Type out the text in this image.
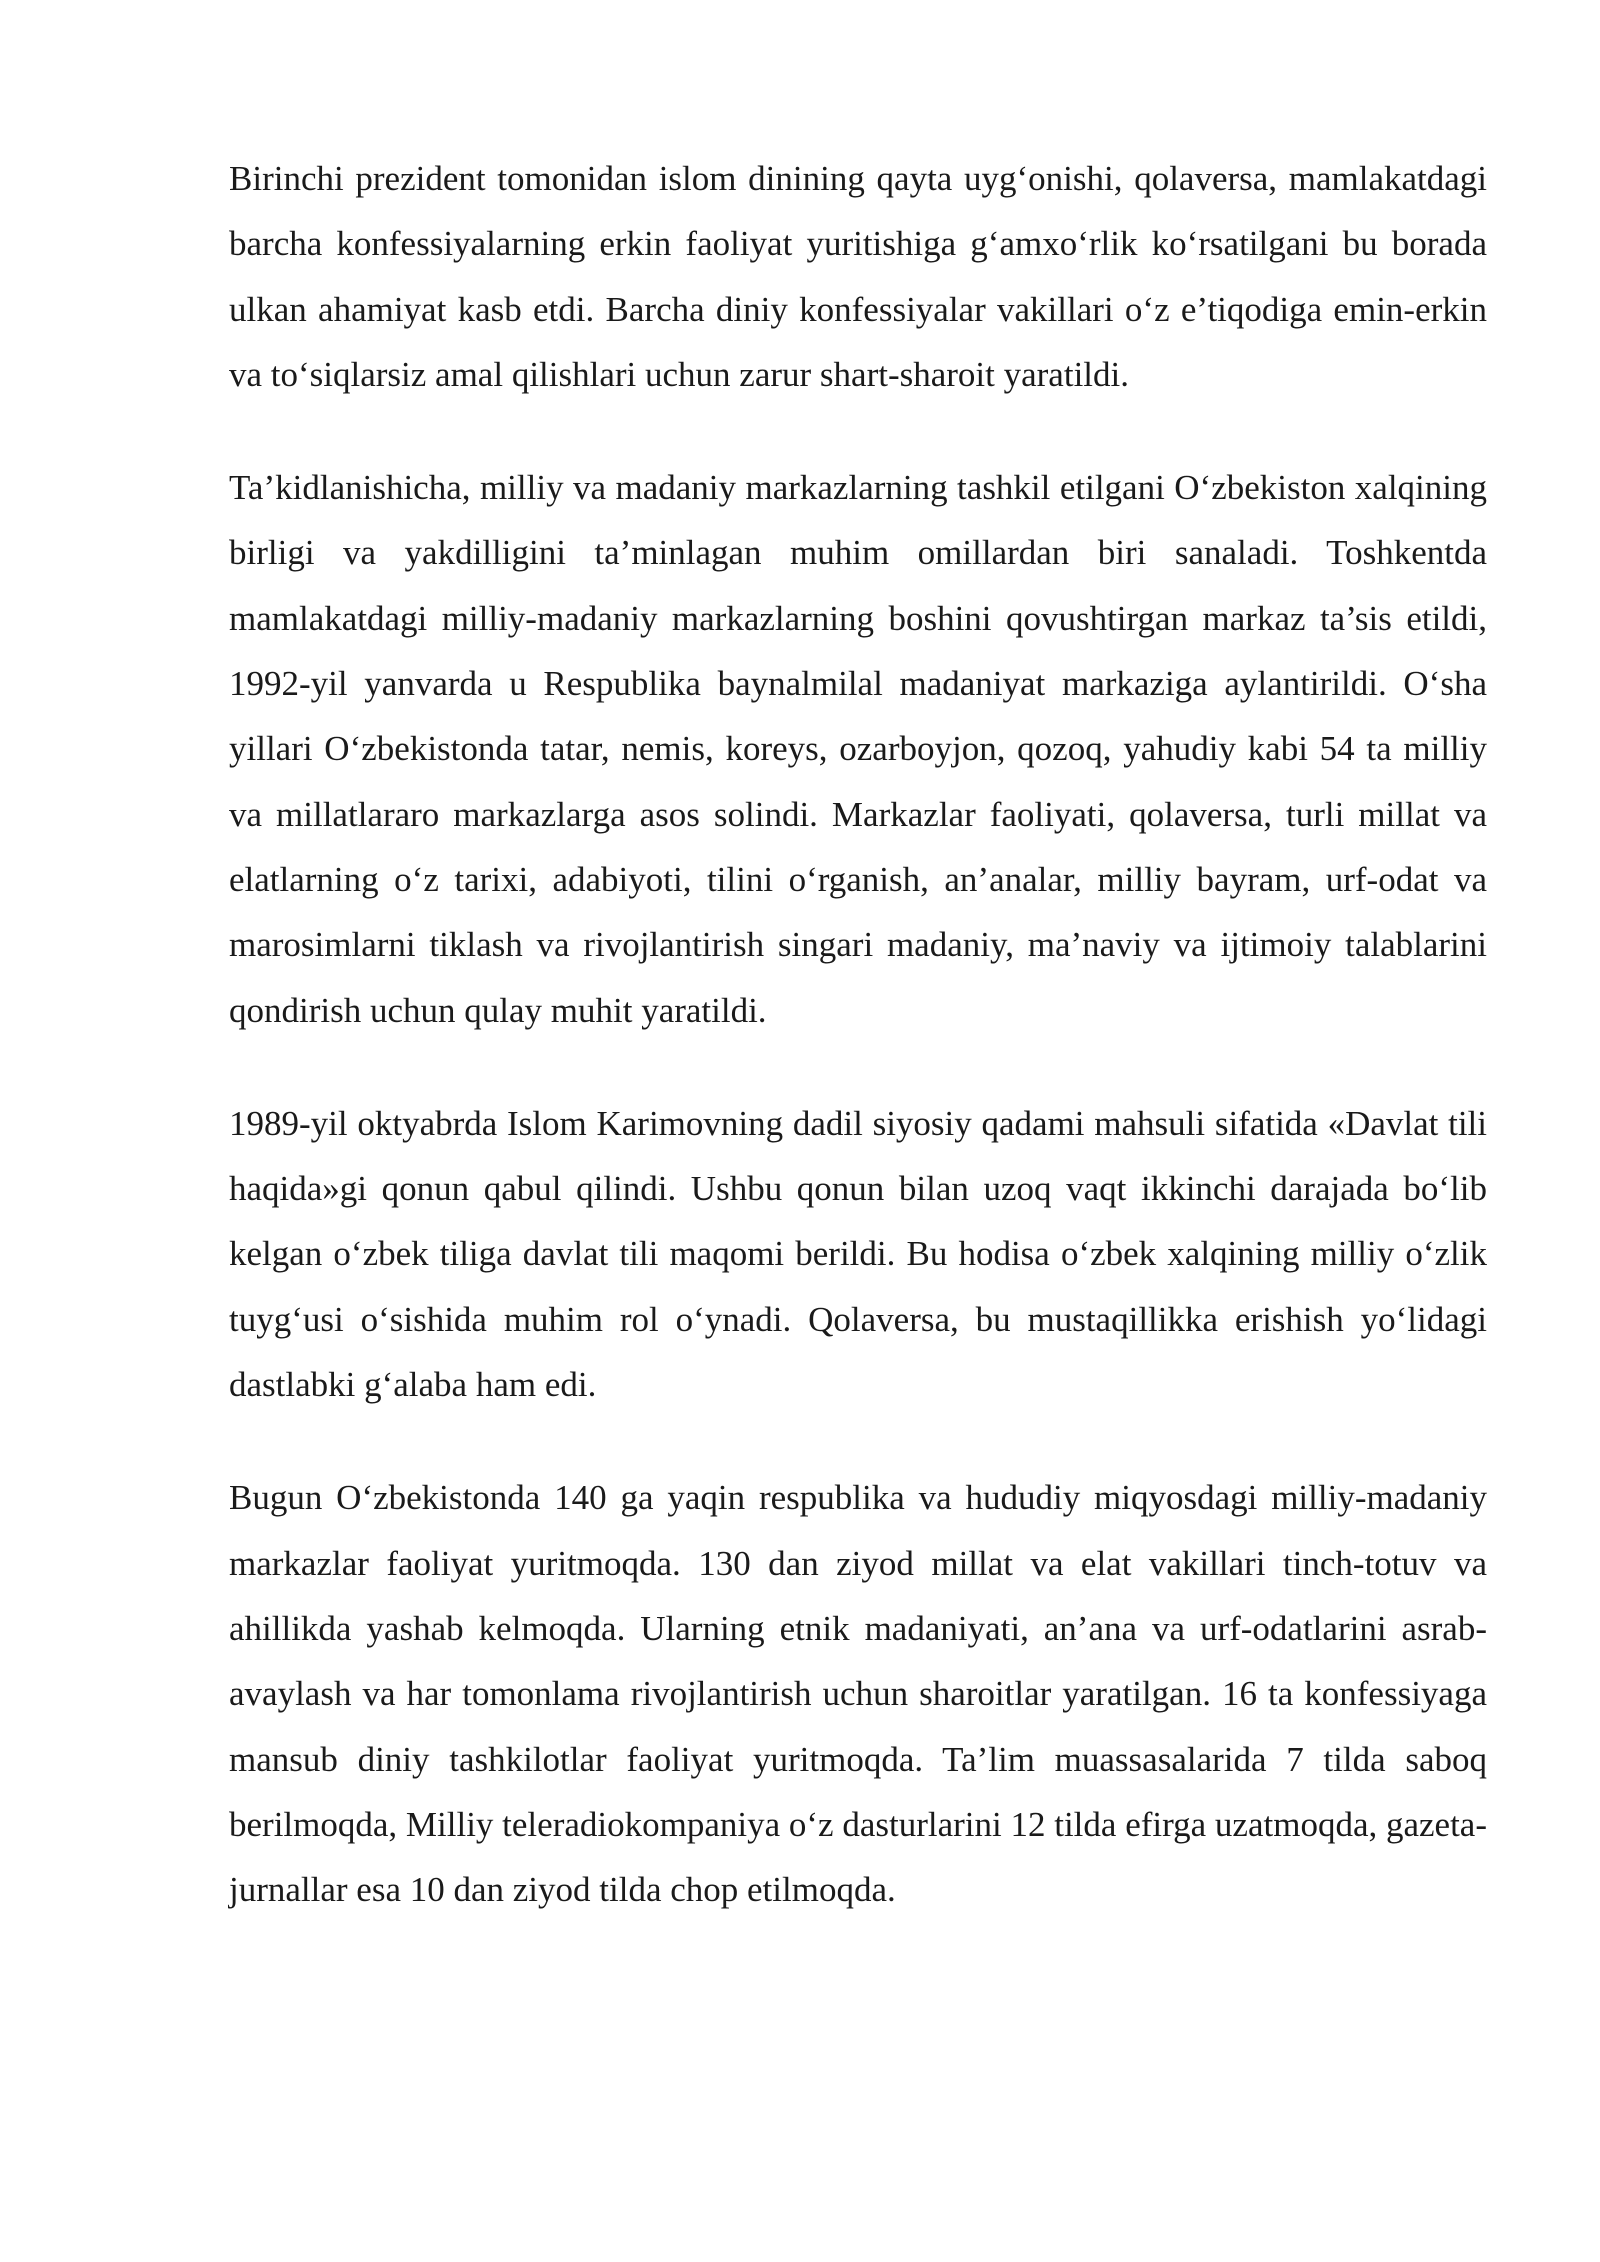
Birinchi prezident tomonidan islom dinining qayta uyg‘onishi, qolaversa, mamlakatdagi barcha konfessiyalarning erkin faoliyat yuritishiga g‘amxo‘rlik ko‘rsatilgani bu borada ulkan ahamiyat kasb etdi. Barcha diniy konfessiyalar vakillari o‘z e’tiqodiga emin-erkin va to‘siqlarsiz amal qilishlari uchun zarur shart-sharoit yaratildi.

Ta’kidlanishicha, milliy va madaniy markazlarning tashkil etilgani O‘zbekiston xalqining birligi va yakdilligini ta’minlagan muhim omillardan biri sanaladi. Toshkentda mamlakatdagi milliy-madaniy markazlarning boshini qovushtirgan markaz ta’sis etildi, 1992-yil yanvarda u Respublika baynalmilal madaniyat markaziga aylantirildi. O‘sha yillari O‘zbekistonda tatar, nemis, koreys, ozarboyjon, qozoq, yahudiy kabi 54 ta milliy va millatlararo markazlarga asos solindi. Markazlar faoliyati, qolaversa, turli millat va elatlarning o‘z tarixi, adabiyoti, tilini o‘rganish, an’analar, milliy bayram, urf-odat va marosimlarni tiklash va rivojlantirish singari madaniy, ma’naviy va ijtimoiy talablarini qondirish uchun qulay muhit yaratildi.

1989-yil oktyabrda Islom Karimovning dadil siyosiy qadami mahsuli sifatida «Davlat tili haqida»gi qonun qabul qilindi. Ushbu qonun bilan uzoq vaqt ikkinchi darajada bo‘lib kelgan o‘zbek tiliga davlat tili maqomi berildi. Bu hodisa o‘zbek xalqining milliy o‘zlik tuyg‘usi o‘sishida muhim rol o‘ynadi. Qolaversa, bu mustaqillikka erishish yo‘lidagi dastlabki g‘alaba ham edi.

Bugun O‘zbekistonda 140 ga yaqin respublika va hududiy miqyosdagi milliy-madaniy markazlar faoliyat yuritmoqda. 130 dan ziyod millat va elat vakillari tinch-totuv va ahillikda yashab kelmoqda. Ularning etnik madaniyati, an’ana va urf-odatlarini asrab-avaylash va har tomonlama rivojlantirish uchun sharoitlar yaratilgan. 16 ta konfessiyaga mansub diniy tashkilotlar faoliyat yuritmoqda. Ta’lim muassasalarida 7 tilda saboq berilmoqda, Milliy teleradiokompaniya o‘z dasturlarini 12 tilda efirga uzatmoqda, gazeta-jurnallar esa 10 dan ziyod tilda chop etilmoqda.
